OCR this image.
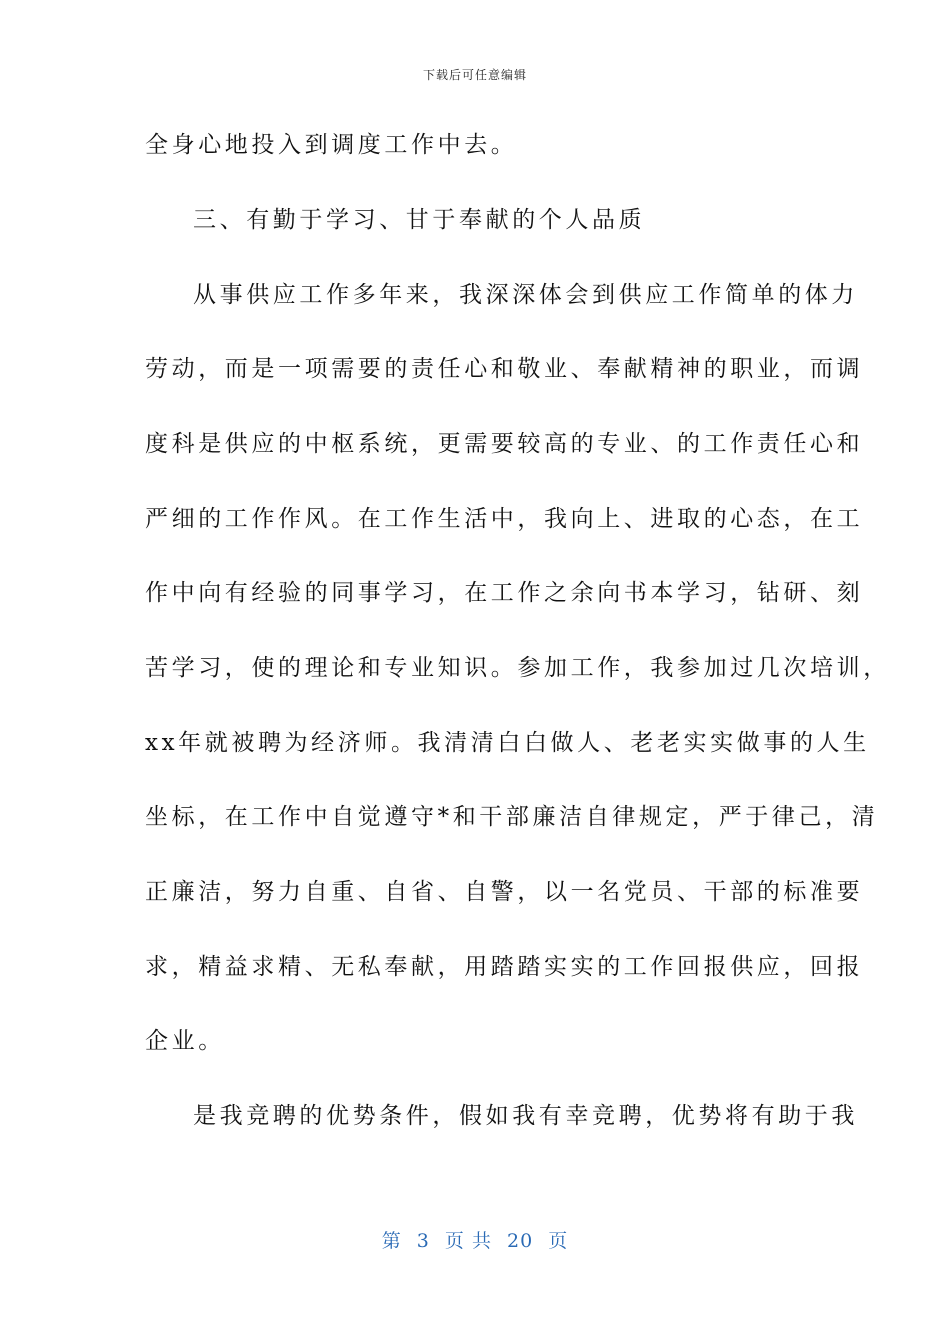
下载后可任意编辑
全身心地投入到调度工作中去。
三、有勤于学习、甘于奉献的个人品质
从事供应工作多年来，我深深体会到供应工作简单的体力
劳动，而是一项需要的责任心和敬业、奉献精神的职业，而调
度科是供应的中枢系统，更需要较高的专业、的工作责任心和
严细的工作作风。在工作生活中，我向上、进取的心态，在工
作中向有经验的同事学习，在工作之余向书本学习，钻研、刻
苦学习，使的理论和专业知识。参加工作，我参加过几次培训，
xx年就被聘为经济师。我清清白白做人、老老实实做事的人生
坐标，在工作中自觉遵守*和干部廉洁自律规定，严于律己，清
正廉洁，努力自重、自省、自警，以一名党员、干部的标准要
求，精益求精、无私奉献，用踏踏实实的工作回报供应，回报
企业。
是我竞聘的优势条件，假如我有幸竞聘，优势将有助于我
第 3 页 共 20 页
